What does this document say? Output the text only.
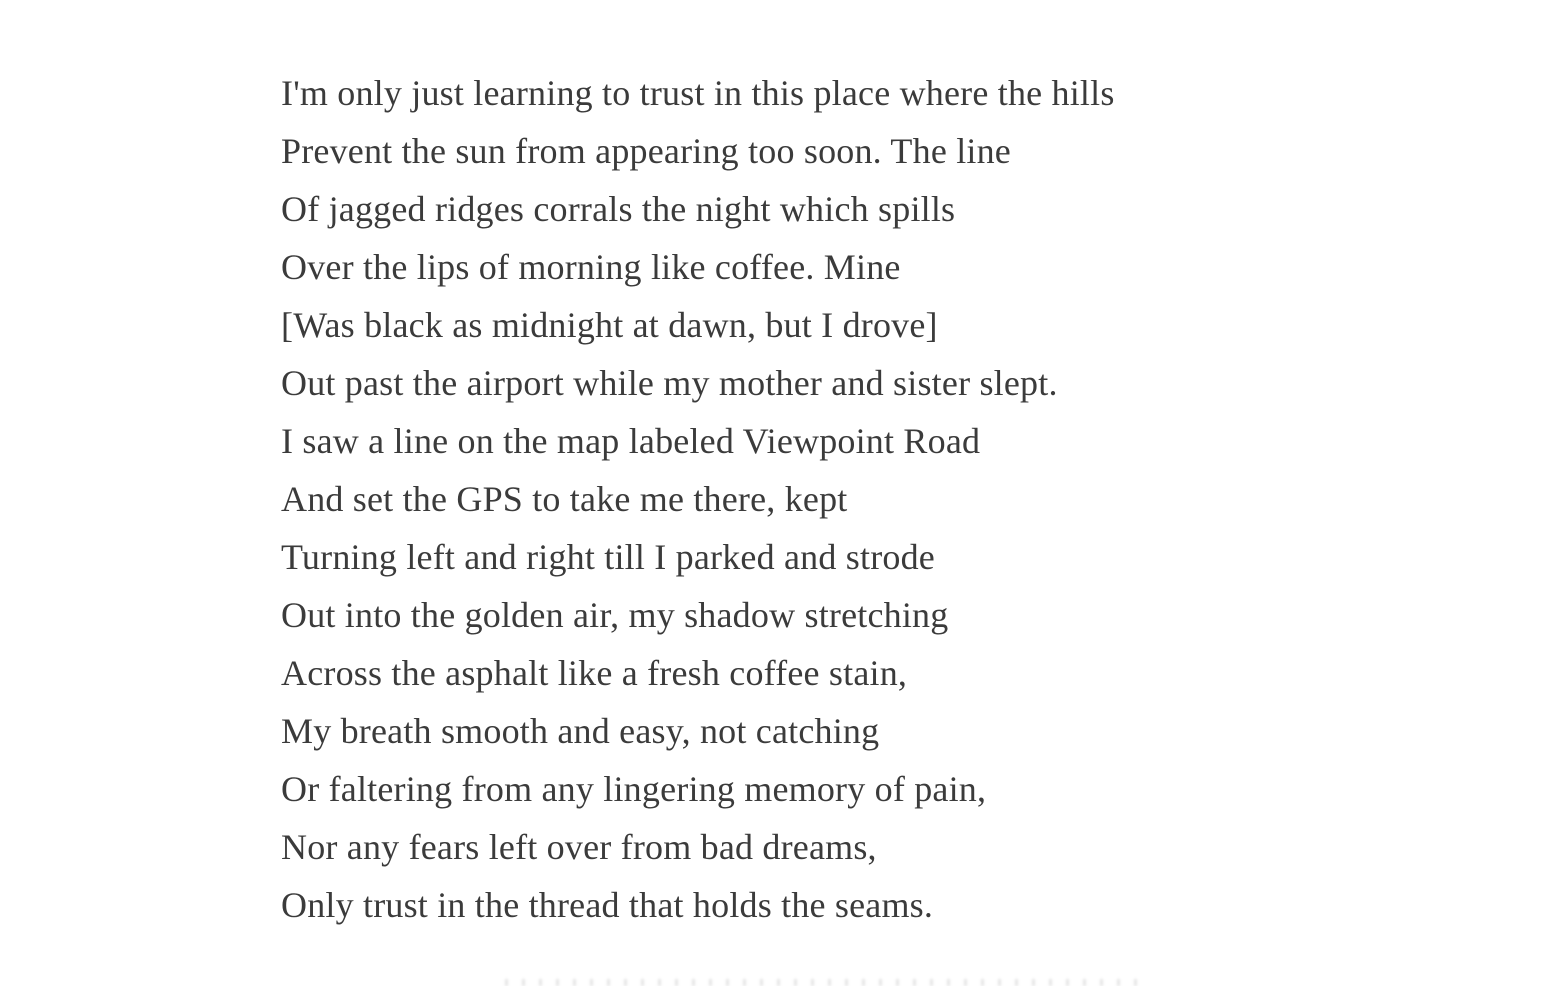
I'm only just learning to trust in this place where the hills
Prevent the sun from appearing too soon. The line
Of jagged ridges corrals the night which spills
Over the lips of morning like coffee. Mine
[Was black as midnight at dawn, but I drove]
Out past the airport while my mother and sister slept.
I saw a line on the map labeled Viewpoint Road
And set the GPS to take me there, kept
Turning left and right till I parked and strode
Out into the golden air, my shadow stretching
Across the asphalt like a fresh coffee stain,
My breath smooth and easy, not catching
Or faltering from any lingering memory of pain,
Nor any fears left over from bad dreams,
Only trust in the thread that holds the seams.
